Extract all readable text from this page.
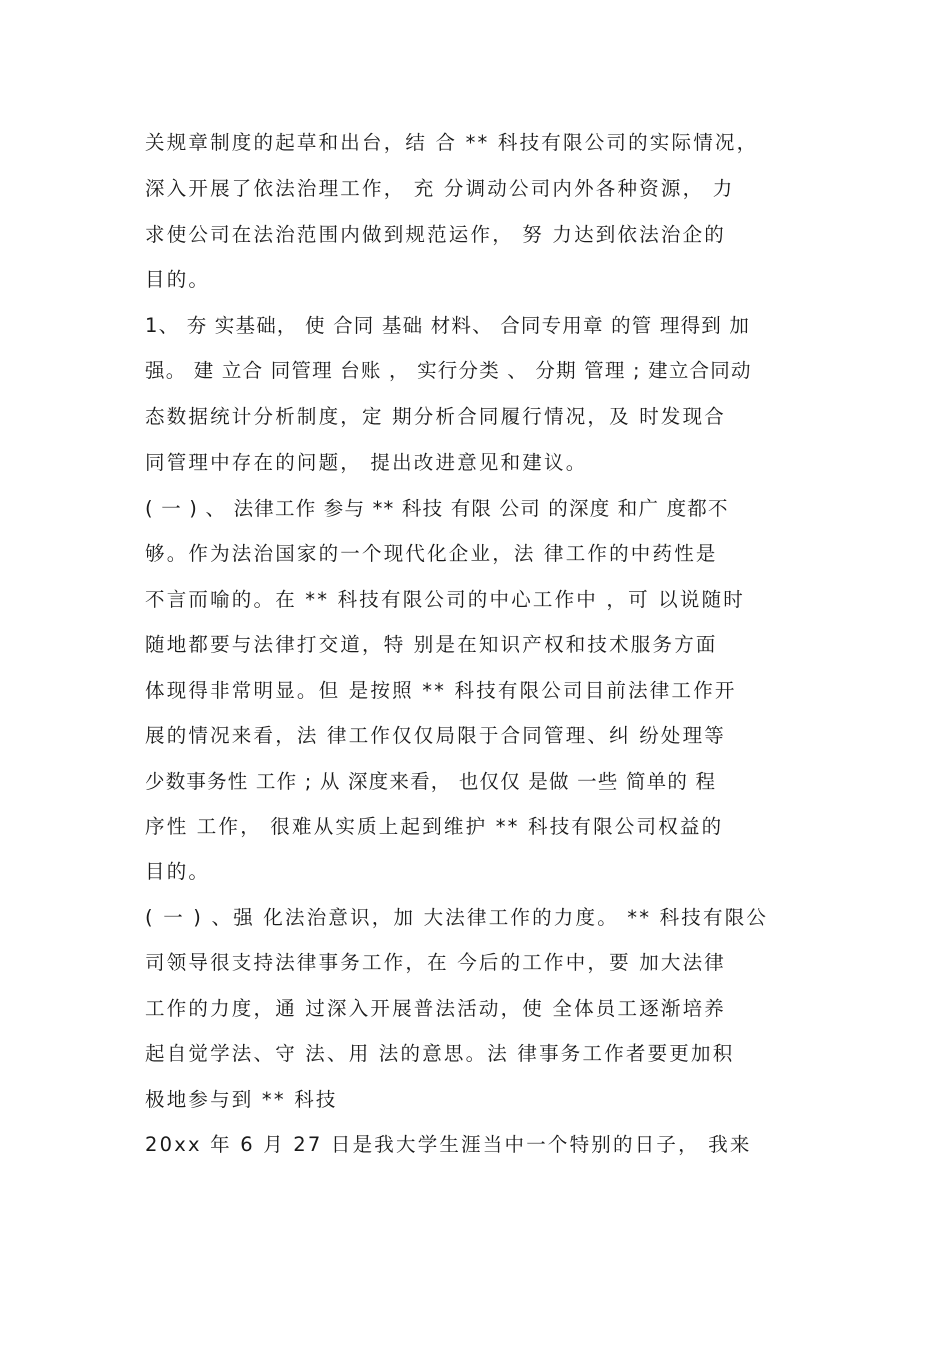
关规章制度的起草和出台，结 合 ** 科技有限公司的实际情况，
深入开展了依法治理工作， 充 分调动公司内外各种资源， 力
求使公司在法治范围内做到规范运作， 努 力达到依法治企的
目的。
1、 夯 实基础， 使 合同 基础 材料、 合同专用章 的管 理得到 加
强。 建 立合 同管理 台账 ， 实行分类 、 分期 管理 ; 建立合同动
态数据统计分析制度，定 期分析合同履行情况，及 时发现合
同管理中存在的问题， 提出改进意见和建议。
( 一 ) 、 法律工作 参与 ** 科技 有限 公司 的深度 和广 度都不
够。作为法治国家的一个现代化企业，法 律工作的中药性是
不言而喻的。在 ** 科技有限公司的中心工作中 ，可 以说随时
随地都要与法律打交道，特 别是在知识产权和技术服务方面
体现得非常明显。但 是按照 ** 科技有限公司目前法律工作开
展的情况来看，法 律工作仅仅局限于合同管理、纠 纷处理等
少数事务性 工作 ; 从 深度来看， 也仅仅 是做 一些 简单的 程
序性 工作， 很难从实质上起到维护 ** 科技有限公司权益的
目的。
( 一 ) 、强 化法治意识，加 大法律工作的力度。 ** 科技有限公
司领导很支持法律事务工作，在 今后的工作中，要 加大法律
工作的力度，通 过深入开展普法活动，使 全体员工逐渐培养
起自觉学法、守 法、用 法的意思。法 律事务工作者要更加积
极地参与到 ** 科技
20xx 年 6 月 27 日是我大学生涯当中一个特别的日子， 我来
